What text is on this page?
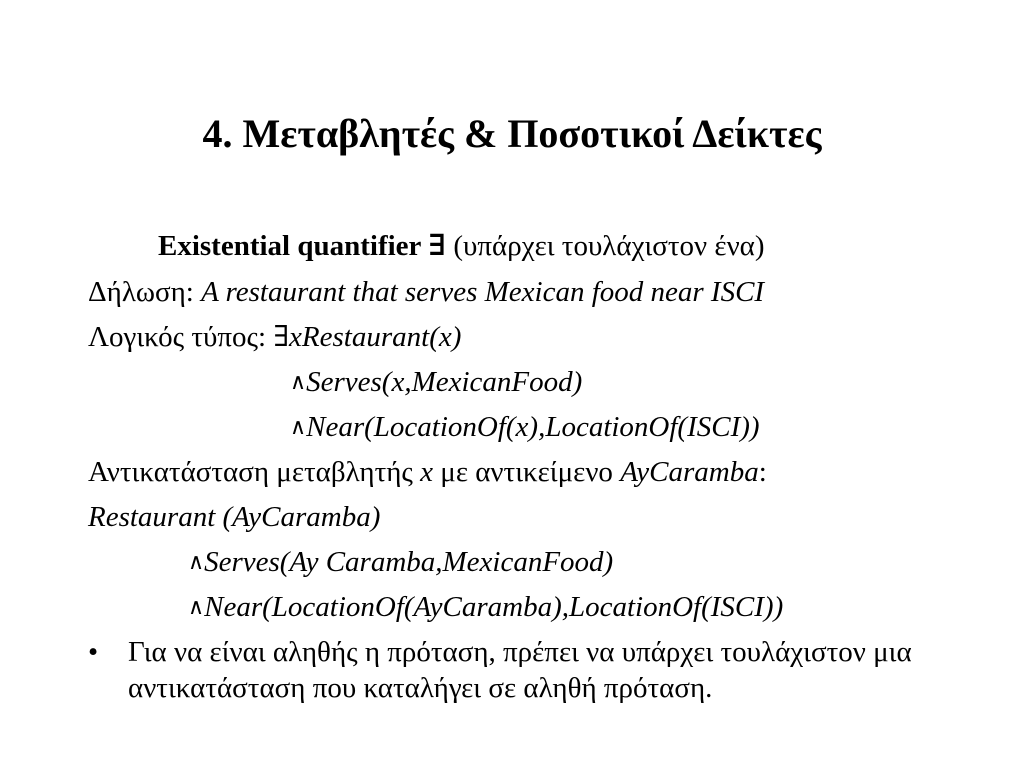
4. Μεταβλητές & Ποσοτικοί Δείκτες
Existential quantifier ∃ (υπάρχει τουλάχιστον ένα)
Δήλωση: A restaurant that serves Mexican food near ISCI
Λογικός τύπος: ∃xRestaurant(x)
∧Serves(x,MexicanFood)
∧Near(LocationOf(x),LocationOf(ISCI))
Αντικατάσταση μεταβλητής x με αντικείμενο AyCaramba:
Restaurant (AyCaramba)
∧Serves(Ay Caramba,MexicanFood)
∧Near(LocationOf(AyCaramba),LocationOf(ISCI))
• Για να είναι αληθής η πρόταση, πρέπει να υπάρχει τουλάχιστον μια αντικατάσταση που καταλήγει σε αληθή πρόταση.
